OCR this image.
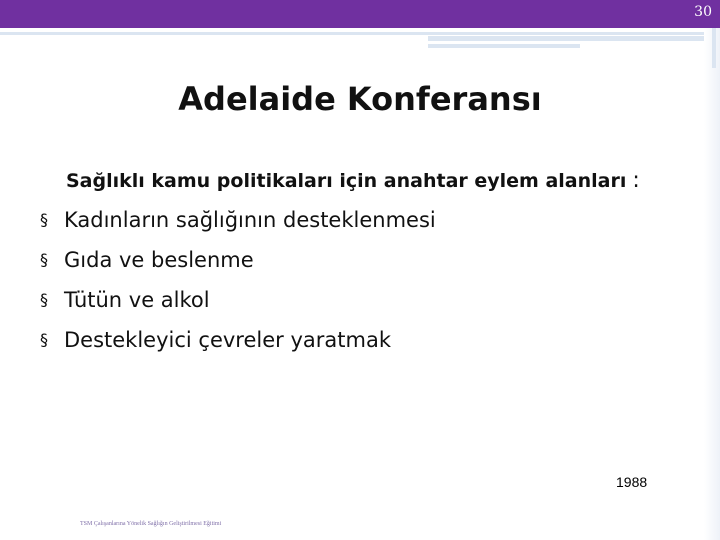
30
Adelaide Konferansı
Sağlıklı kamu politikaları için anahtar eylem alanları :
§ Kadınların sağlığının desteklenmesi
§ Gıda ve beslenme
§ Tütün ve alkol
§ Destekleyici çevreler yaratmak
1988
TSM Çalışanlarına Yönelik Sağlığın Geliştirilmesi Eğitimi
